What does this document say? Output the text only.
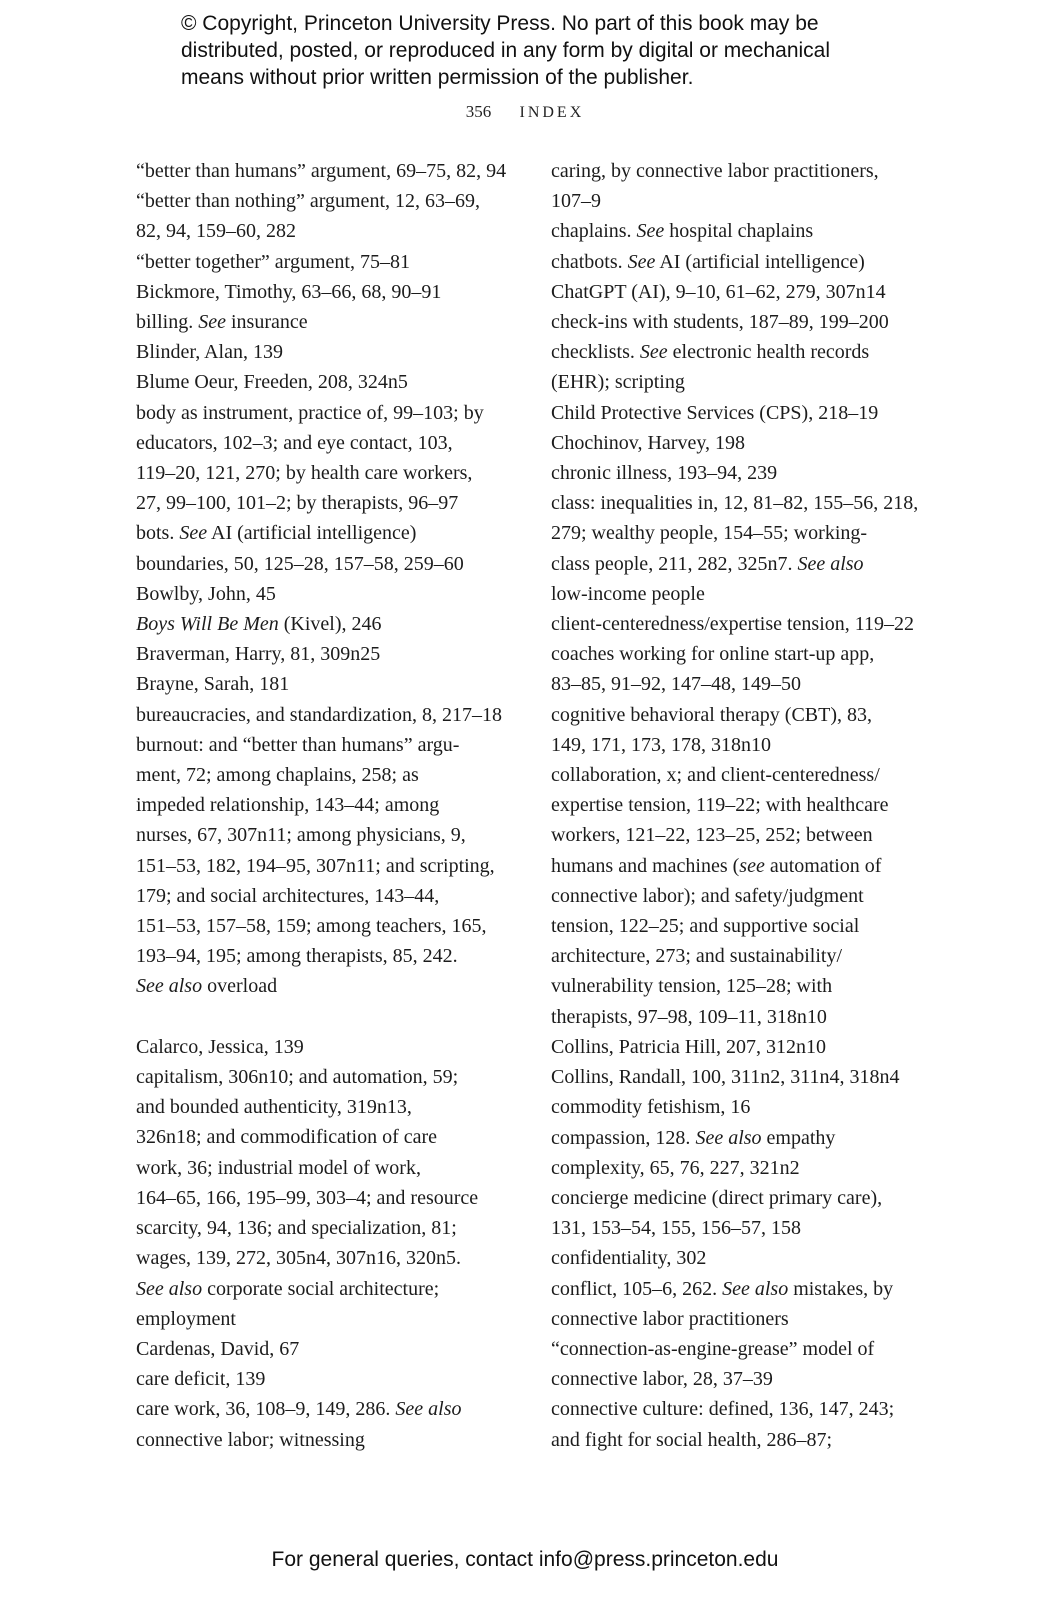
© Copyright, Princeton University Press. No part of this book may be
distributed, posted, or reproduced in any form by digital or mechanical
means without prior written permission of the publisher.
356 INDEX
“better than humans” argument, 69–75, 82, 94
“better than nothing” argument, 12, 63–69,
82, 94, 159–60, 282
“better together” argument, 75–81
Bickmore, Timothy, 63–66, 68, 90–91
billing. See insurance
Blinder, Alan, 139
Blume Oeur, Freeden, 208, 324n5
body as instrument, practice of, 99–103; by
educators, 102–3; and eye contact, 103,
119–20, 121, 270; by health care workers,
27, 99–100, 101–2; by therapists, 96–97
bots. See AI (artificial intelligence)
boundaries, 50, 125–28, 157–58, 259–60
Bowlby, John, 45
Boys Will Be Men (Kivel), 246
Braverman, Harry, 81, 309n25
Brayne, Sarah, 181
bureaucracies, and standardization, 8, 217–18
burnout: and “better than humans” argu-
ment, 72; among chaplains, 258; as
impeded relationship, 143–44; among
nurses, 67, 307n11; among physicians, 9,
151–53, 182, 194–95, 307n11; and scripting,
179; and social architectures, 143–44,
151–53, 157–58, 159; among teachers, 165,
193–94, 195; among therapists, 85, 242.
See also overload
Calarco, Jessica, 139
capitalism, 306n10; and automation, 59;
and bounded authenticity, 319n13,
326n18; and commodification of care
work, 36; industrial model of work,
164–65, 166, 195–99, 303–4; and resource
scarcity, 94, 136; and specialization, 81;
wages, 139, 272, 305n4, 307n16, 320n5.
See also corporate social architecture;
employment
Cardenas, David, 67
care deficit, 139
care work, 36, 108–9, 149, 286. See also
connective labor; witnessing
caring, by connective labor practitioners,
107–9
chaplains. See hospital chaplains
chatbots. See AI (artificial intelligence)
ChatGPT (AI), 9–10, 61–62, 279, 307n14
check-ins with students, 187–89, 199–200
checklists. See electronic health records
(EHR); scripting
Child Protective Services (CPS), 218–19
Chochinov, Harvey, 198
chronic illness, 193–94, 239
class: inequalities in, 12, 81–82, 155–56, 218,
279; wealthy people, 154–55; working-
class people, 211, 282, 325n7. See also
low-income people
client-centeredness/expertise tension, 119–22
coaches working for online start-up app,
83–85, 91–92, 147–48, 149–50
cognitive behavioral therapy (CBT), 83,
149, 171, 173, 178, 318n10
collaboration, x; and client-centeredness/
expertise tension, 119–22; with healthcare
workers, 121–22, 123–25, 252; between
humans and machines (see automation of
connective labor); and safety/judgment
tension, 122–25; and supportive social
architecture, 273; and sustainability/
vulnerability tension, 125–28; with
therapists, 97–98, 109–11, 318n10
Collins, Patricia Hill, 207, 312n10
Collins, Randall, 100, 311n2, 311n4, 318n4
commodity fetishism, 16
compassion, 128. See also empathy
complexity, 65, 76, 227, 321n2
concierge medicine (direct primary care),
131, 153–54, 155, 156–57, 158
confidentiality, 302
conflict, 105–6, 262. See also mistakes, by
connective labor practitioners
“connection-as-engine-grease” model of
connective labor, 28, 37–39
connective culture: defined, 136, 147, 243;
and fight for social health, 286–87;
For general queries, contact info@press.princeton.edu
